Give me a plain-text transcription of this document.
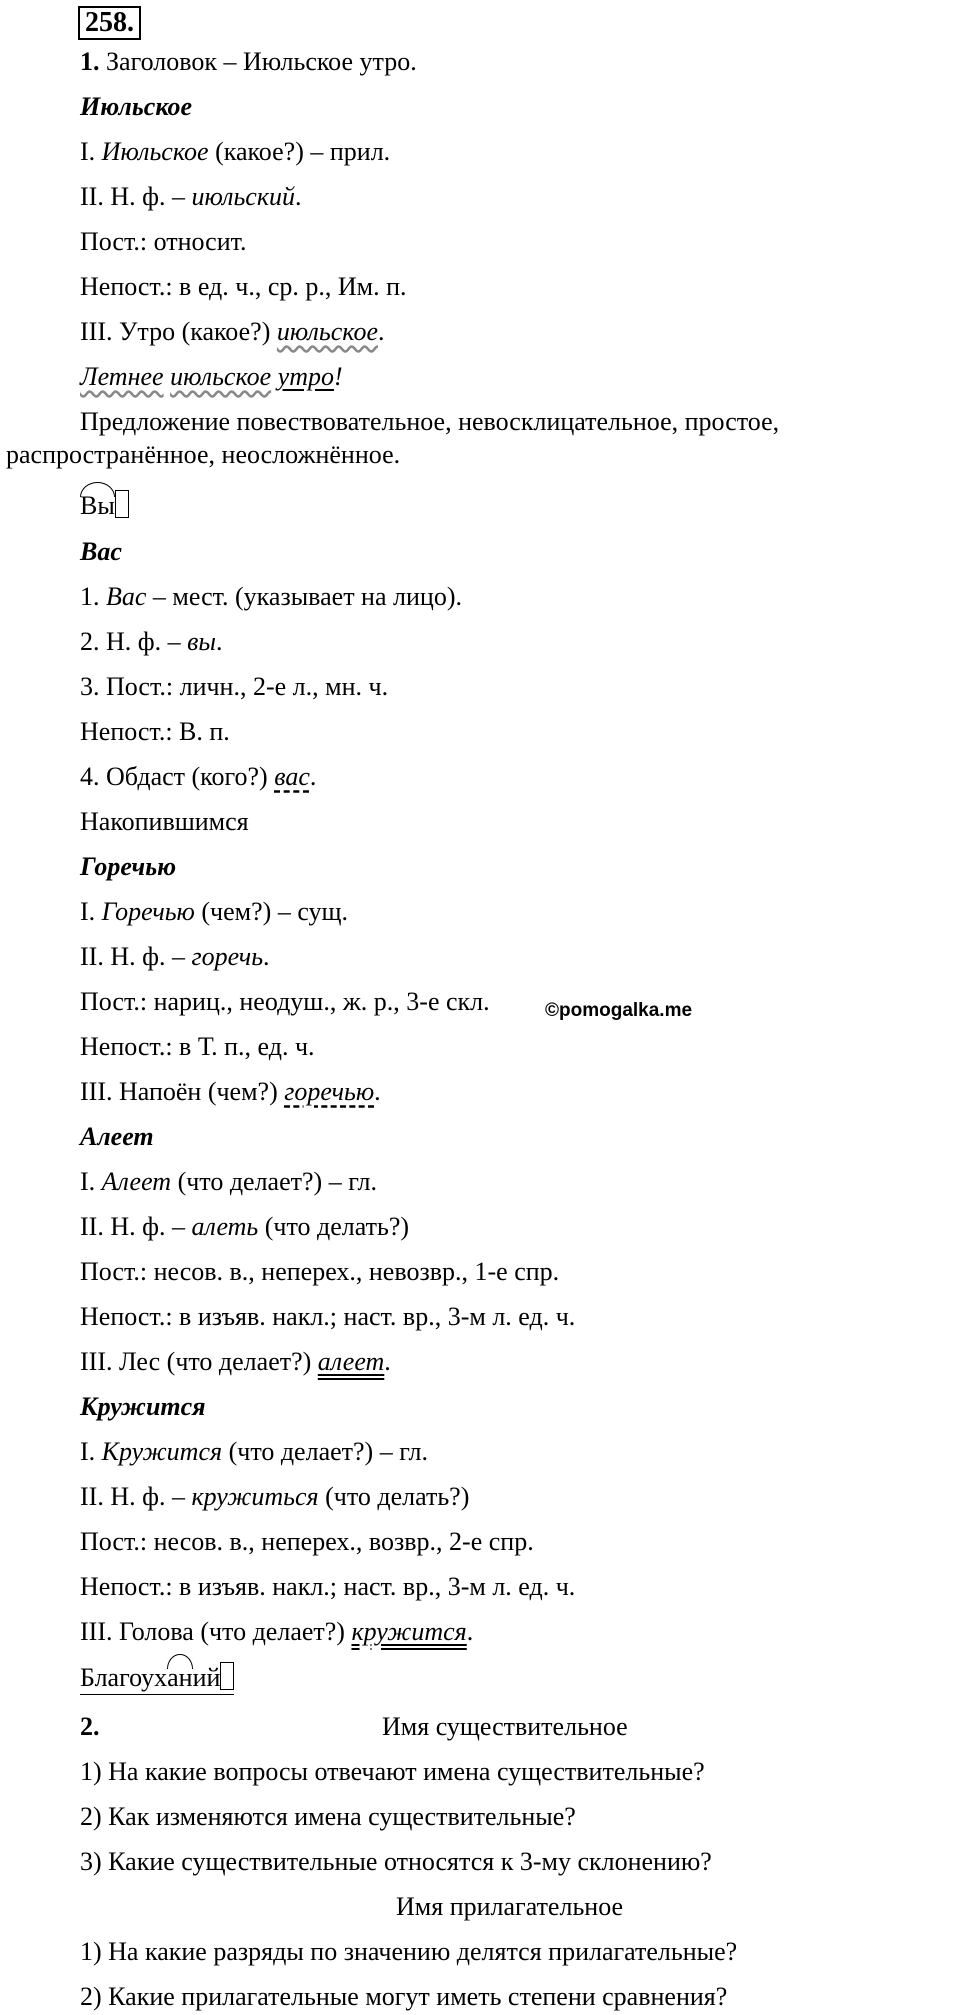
258.
1. Заголовок – Июльское утро.
Июльское
I. Июльское (какое?) – прил.
II. Н. ф. – июльский.
Пост.: относит.
Непост.: в ед. ч., ср. р., Им. п.
III. Утро (какое?) июльское.
Летнее июльское утро!
Предложение повествовательное, невосклицательное, простое,
распространённое, неосложнённое.
Вы
Вас
1. Вас – мест. (указывает на лицо).
2. Н. ф. – вы.
3. Пост.: личн., 2-е л., мн. ч.
Непост.: В. п.
4. Обдаст (кого?) вас.
Накопившимся
Горечью
I. Горечью (чем?) – сущ.
II. Н. ф. – горечь.
Пост.: нариц., неодуш., ж. р., 3-е скл.	©pomogalka.me
Непост.: в Т. п., ед. ч.
III. Напоён (чем?) горечью.
Алеет
I. Алеет (что делает?) – гл.
II. Н. ф. – алеть (что делать?)
Пост.: несов. в., неперех., невозвр., 1-е спр.
Непост.: в изъяв. накл.; наст. вр., 3-м л. ед. ч.
III. Лес (что делает?) алеет.
Кружится
I. Кружится (что делает?) – гл.
II. Н. ф. – кружиться (что делать?)
Пост.: несов. в., неперех., возвр., 2-е спр.
Непост.: в изъяв. накл.; наст. вр., 3-м л. ед. ч.
III. Голова (что делает?) кружится.
Благоух
аний
2.	Имя существительное
1) На какие вопросы отвечают имена существительные?
2) Как изменяются имена существительные?
3) Какие существительные относятся к 3-му склонению?
Имя прилагательное
1) На какие разряды по значению делятся прилагательные?
2) Какие прилагательные могут иметь степени сравнения?
